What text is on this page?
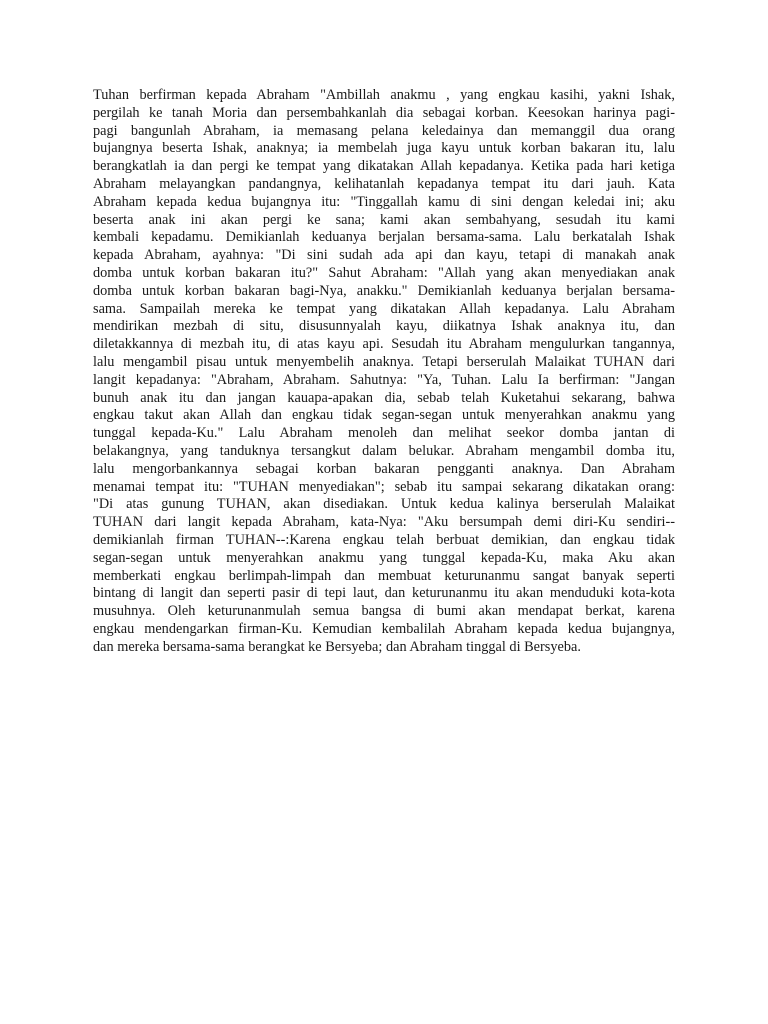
Tuhan berfirman kepada Abraham "Ambillah anakmu , yang engkau kasihi, yakni Ishak,
pergilah ke tanah Moria dan persembahkanlah dia sebagai korban. Keesokan harinya pagi-
pagi bangunlah Abraham, ia memasang pelana keledainya dan memanggil dua orang
bujangnya beserta Ishak, anaknya; ia membelah juga kayu untuk korban bakaran itu, lalu
berangkatlah ia dan pergi ke tempat yang dikatakan Allah kepadanya. Ketika pada hari ketiga
Abraham melayangkan pandangnya, kelihatanlah kepadanya tempat itu dari jauh. Kata
Abraham kepada kedua bujangnya itu: "Tinggallah kamu di sini dengan keledai ini; aku
beserta anak ini akan pergi ke sana; kami akan sembahyang, sesudah itu kami
kembali kepadamu. Demikianlah keduanya berjalan bersama-sama. Lalu berkatalah Ishak
kepada Abraham, ayahnya: "Di sini sudah ada api dan kayu, tetapi di manakah anak
domba untuk korban bakaran itu?" Sahut Abraham: "Allah yang akan menyediakan anak
domba untuk korban bakaran bagi-Nya, anakku." Demikianlah keduanya berjalan bersama-
sama. Sampailah mereka ke tempat yang dikatakan Allah kepadanya. Lalu Abraham
mendirikan mezbah di situ, disusunnyalah kayu, diikatnya Ishak anaknya itu, dan
diletakkannya di mezbah itu, di atas kayu api. Sesudah itu Abraham mengulurkan tangannya,
lalu mengambil pisau untuk menyembelih anaknya. Tetapi berserulah Malaikat TUHAN dari
langit kepadanya: "Abraham, Abraham. Sahutnya: "Ya, Tuhan. Lalu Ia berfirman: "Jangan
bunuh anak itu dan jangan kauapa-apakan dia, sebab telah Kuketahui sekarang, bahwa
engkau takut akan Allah dan engkau tidak segan-segan untuk menyerahkan anakmu yang
tunggal kepada-Ku." Lalu Abraham menoleh dan melihat seekor domba jantan di
belakangnya, yang tanduknya tersangkut dalam belukar. Abraham mengambil domba itu,
lalu mengorbankannya sebagai korban bakaran pengganti anaknya. Dan Abraham
menamai tempat itu: "TUHAN menyediakan"; sebab itu sampai sekarang dikatakan orang:
"Di atas gunung TUHAN, akan disediakan. Untuk kedua kalinya berserulah Malaikat
TUHAN dari langit kepada Abraham, kata-Nya: "Aku bersumpah demi diri-Ku sendiri--
demikianlah firman TUHAN--:Karena engkau telah berbuat demikian, dan engkau tidak
segan-segan untuk menyerahkan anakmu yang tunggal kepada-Ku, maka Aku akan
memberkati engkau berlimpah-limpah dan membuat keturunanmu sangat banyak seperti
bintang di langit dan seperti pasir di tepi laut, dan keturunanmu itu akan menduduki kota-kota
musuhnya. Oleh keturunanmulah semua bangsa di bumi akan mendapat berkat, karena
engkau mendengarkan firman-Ku. Kemudian kembalilah Abraham kepada kedua bujangnya,
dan mereka bersama-sama berangkat ke Bersyeba; dan Abraham tinggal di Bersyeba.
